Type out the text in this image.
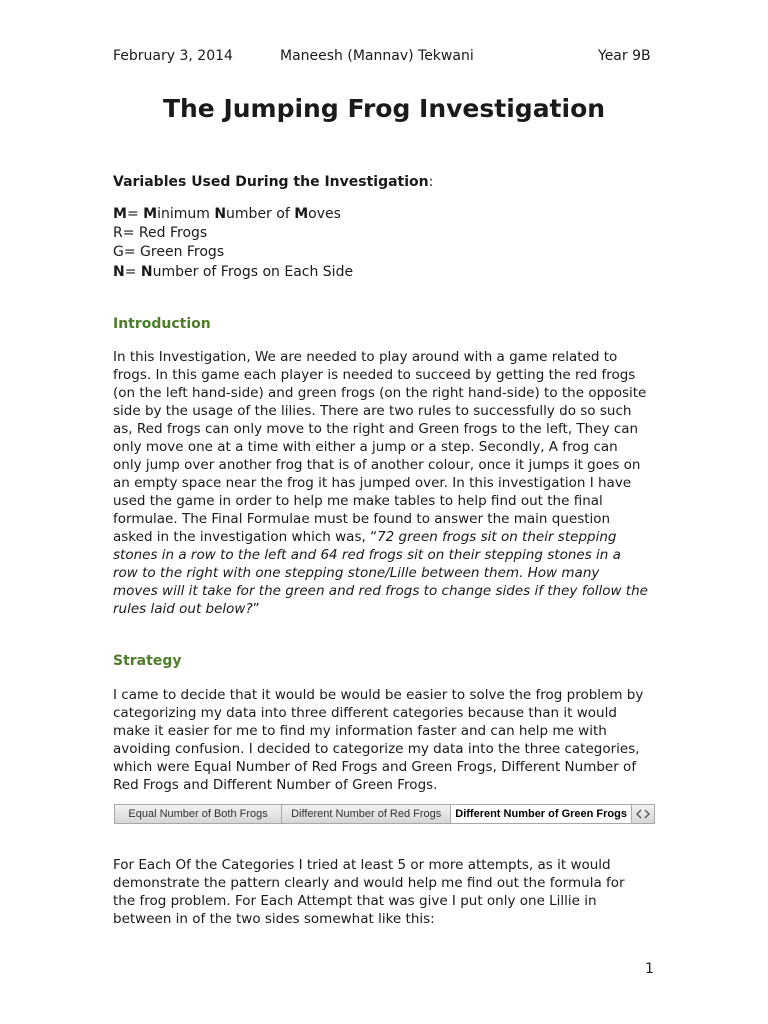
February 3, 2014	Maneesh (Mannav) Tekwani	Year 9B
The Jumping Frog Investigation

Variables Used During the Investigation:

M= Minimum Number of Moves
R= Red Frogs
G= Green Frogs
N= Number of Frogs on Each Side
Introduction

In this Investigation, We are needed to play around with a game related to frogs. In this game each player is needed to succeed by getting the red frogs (on the left hand-side) and green frogs (on the right hand-side) to the opposite side by the usage of the lilies. There are two rules to successfully do so such as, Red frogs can only move to the right and Green frogs to the left, They can only move one at a time with either a jump or a step. Secondly, A frog can only jump over another frog that is of another colour, once it jumps it goes on an empty space near the frog it has jumped over. In this investigation I have used the game in order to help me make tables to help find out the final formulae. The Final Formulae must be found to answer the main question asked in the investigation which was, “72 green frogs sit on their stepping stones in a row to the left and 64 red frogs sit on their stepping stones in a row to the right with one stepping stone/Lille between them. How many moves will it take for the green and red frogs to change sides if they follow the rules laid out below?”

Strategy

I came to decide that it would be would be easier to solve the frog problem by categorizing my data into three different categories because than it would make it easier for me to find my information faster and can help me with avoiding confusion. I decided to categorize my data into the three categories, which were Equal Number of Red Frogs and Green Frogs, Different Number of Red Frogs and Different Number of Green Frogs.

Equal Number of Both Frogs	Different Number of Red Frogs	Different Number of Green Frogs

For Each Of the Categories I tried at least 5 or more attempts, as it would demonstrate the pattern clearly and would help me find out the formula for the frog problem. For Each Attempt that was give I put only one Lillie in between in of the two sides somewhat like this:

1
